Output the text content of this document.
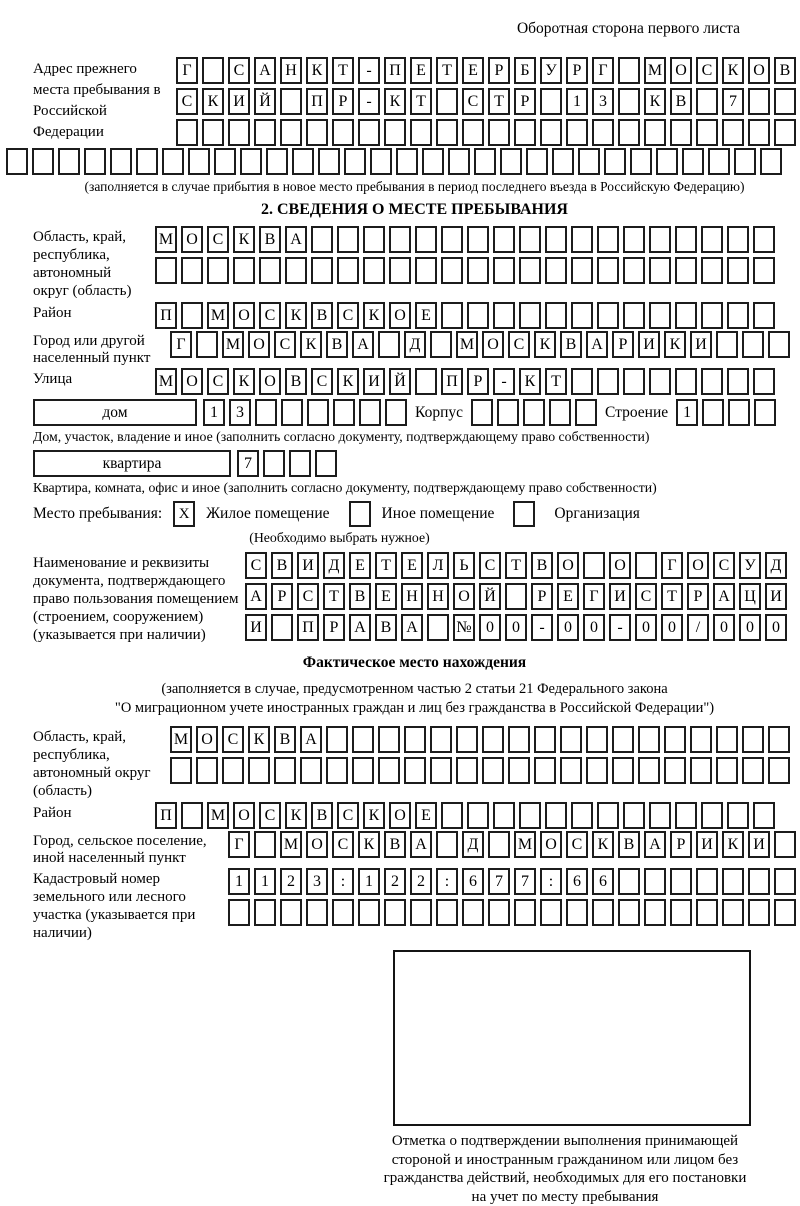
Оборотная сторона первого листа
Адрес прежнего места пребывания в Российской Федерации
Г	С А Н К Т	-	П Е	Т	Е	Р	Б У Р	Г	М О С К О В
С К И Й	П Р	-	К Т	С Т	Р	1	3	К В	7
(заполняется в случае прибытия в новое место пребывания в период последнего въезда в Российскую Федерацию)
2. СВЕДЕНИЯ О МЕСТЕ ПРЕБЫВАНИЯ
Область, край, республика, автономный округ (область)
М О С К В А
Район	П	М О С К В С К О Е
Город или другой населенный пункт
Г	М О С К В А	Д	М О С К В А Р И К И
Улица	М О С К О В С К И Й	П Р	-	К Т
дом	1	3	Корпус	Строение 1
Дом, участок, владение и иное (заполнить согласно документу, подтверждающему право собственности)
квартира	7
Квартира, комната, офис и иное (заполнить согласно документу, подтверждающему право собственности)
Место пребывания:	X	Жилое помещение	Иное помещение	Организация
(Необходимо выбрать нужное)
Наименование и реквизиты документа, подтверждающего право пользования помещением (строением, сооружением) (указывается при наличии)
С В И Д Е	Т	Е Л Ь	С Т В О	О	Г О С У Д
А Р	С Т В Е Н Н О Й	Р	Е	Г И С Т	Р А Ц И
И	П Р А В А	№ 0	0	-	0	0	-	0	0	/	0	0	0
Фактическое место нахождения
(заполняется в случае, предусмотренном частью 2 статьи 21 Федерального закона
"О миграционном учете иностранных граждан и лиц без гражданства в Российской Федерации")
Область, край, республика, автономный округ (область)
М О С К В А
Район	П	М О С К В С К О Е
Город, сельское поселение, иной населенный пункт
Г	М О С К В А	Д	М О С К В А Р И К И
Кадастровый номер земельного или лесного участка (указывается при наличии)
1	1	2	3	:	1	2	2	:	6	7	7	:	6	6
Отметка о подтверждении выполнения принимающей
стороной и иностранным гражданином или лицом без
гражданства действий, необходимых для его постановки
на учет по месту пребывания
